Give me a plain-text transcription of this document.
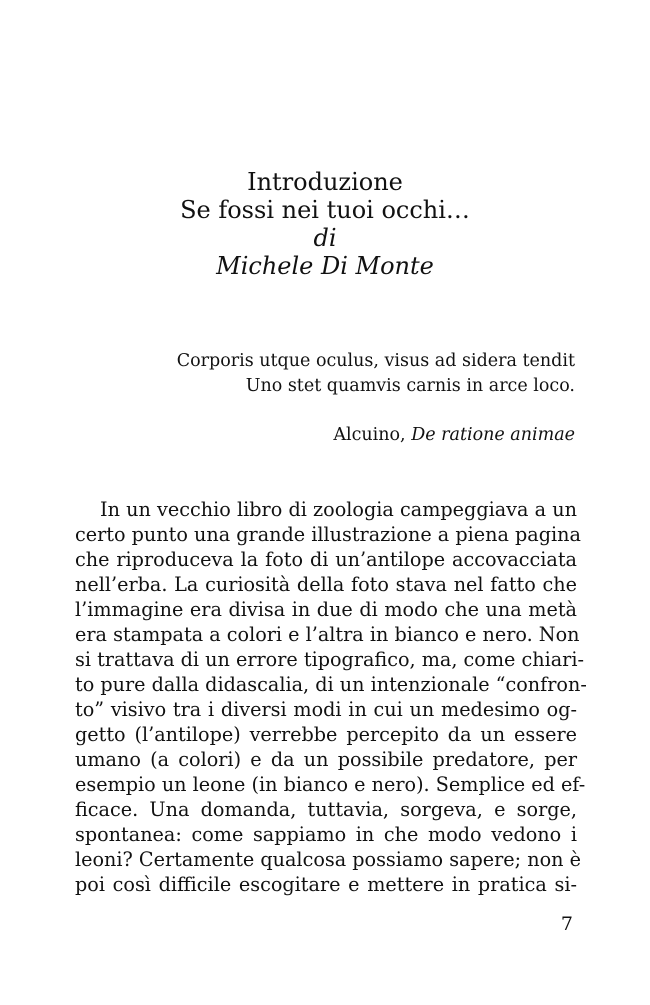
Introduzione
Se fossi nei tuoi occhi…
di
Michele Di Monte
Corporis utque oculus, visus ad sidera tendit
Uno stet quamvis carnis in arce loco.
Alcuino, De ratione animae
In un vecchio libro di zoologia campeggiava a un
certo punto una grande illustrazione a piena pagina
che riproduceva la foto di un’antilope accovacciata
nell’erba. La curiosità della foto stava nel fatto che
l’immagine era divisa in due di modo che una metà
era stampata a colori e l’altra in bianco e nero. Non
si trattava di un errore tipografico, ma, come chiari-
to pure dalla didascalia, di un intenzionale “confron-
to” visivo tra i diversi modi in cui un medesimo og-
getto (l’antilope) verrebbe percepito da un essere
umano (a colori) e da un possibile predatore, per
esempio un leone (in bianco e nero). Semplice ed ef-
ficace. Una domanda, tuttavia, sorgeva, e sorge,
spontanea: come sappiamo in che modo vedono i
leoni? Certamente qualcosa possiamo sapere; non è
poi così difficile escogitare e mettere in pratica si-
7
